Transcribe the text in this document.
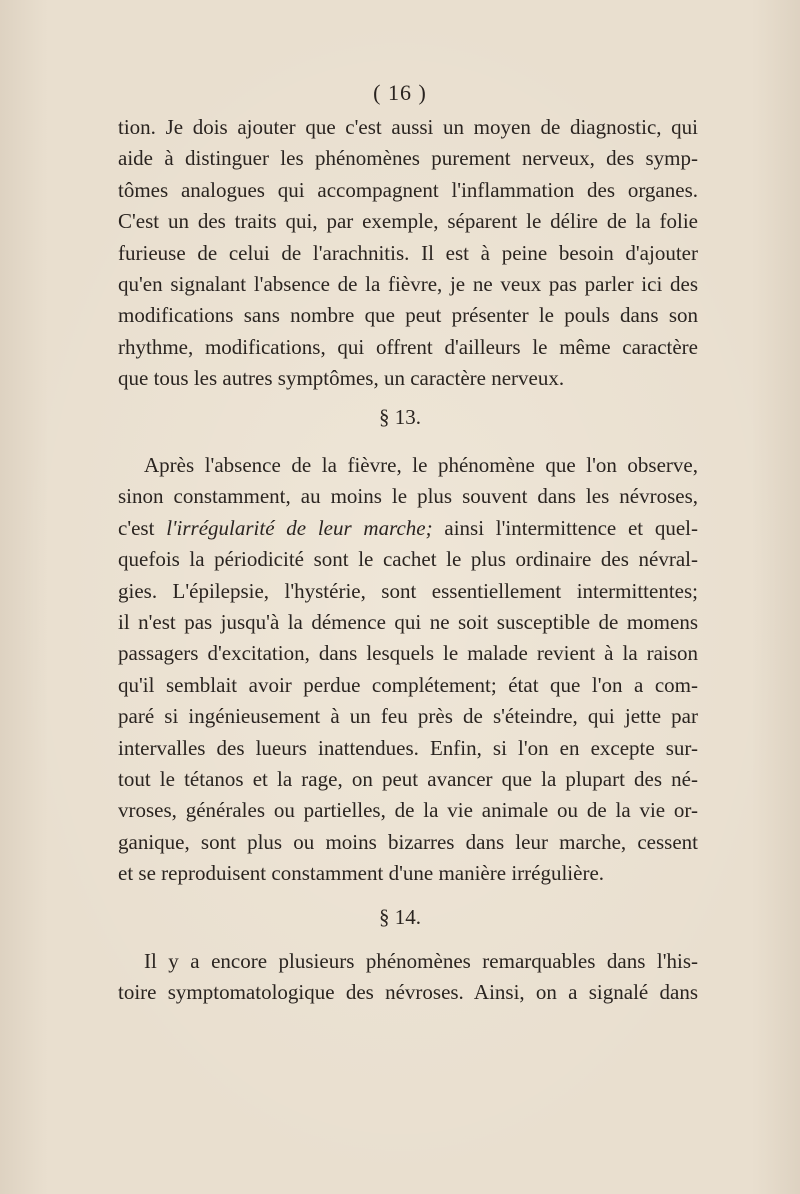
( 16 )
tion. Je dois ajouter que c'est aussi un moyen de diagnostic, qui
aide à distinguer les phénomènes purement nerveux, des symp-
tômes analogues qui accompagnent l'inflammation des organes.
C'est un des traits qui, par exemple, séparent le délire de la folie
furieuse de celui de l'arachnitis. Il est à peine besoin d'ajouter
qu'en signalant l'absence de la fièvre, je ne veux pas parler ici des
modifications sans nombre que peut présenter le pouls dans son
rhythme, modifications, qui offrent d'ailleurs le même caractère
que tous les autres symptômes, un caractère nerveux.
§ 13.
Après l'absence de la fièvre, le phénomène que l'on observe,
sinon constamment, au moins le plus souvent dans les névroses,
c'est l'irrégularité de leur marche; ainsi l'intermittence et quel-
quefois la périodicité sont le cachet le plus ordinaire des névral-
gies. L'épilepsie, l'hystérie, sont essentiellement intermittentes;
il n'est pas jusqu'à la démence qui ne soit susceptible de momens
passagers d'excitation, dans lesquels le malade revient à la raison
qu'il semblait avoir perdue complétement; état que l'on a com-
paré si ingénieusement à un feu près de s'éteindre, qui jette par
intervalles des lueurs inattendues. Enfin, si l'on en excepte sur-
tout le tétanos et la rage, on peut avancer que la plupart des né-
vroses, générales ou partielles, de la vie animale ou de la vie or-
ganique, sont plus ou moins bizarres dans leur marche, cessent
et se reproduisent constamment d'une manière irrégulière.
§ 14.
Il y a encore plusieurs phénomènes remarquables dans l'his-
toire symptomatologique des névroses. Ainsi, on a signalé dans
